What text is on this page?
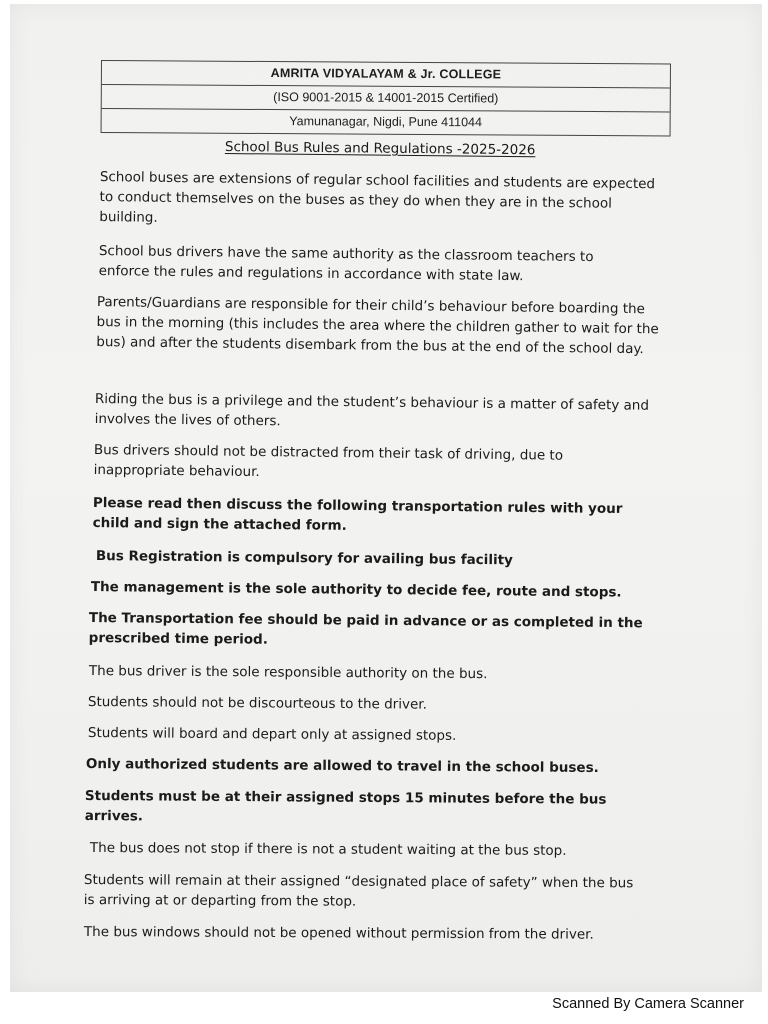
AMRITA VIDYALAYAM & Jr. COLLEGE
(ISO 9001-2015 & 14001-2015 Certified)
Yamunanagar, Nigdi, Pune 411044
School Bus Rules and Regulations -2025-2026
School buses are extensions of regular school facilities and students are expected to conduct themselves on the buses as they do when they are in the school building.
School bus drivers have the same authority as the classroom teachers to enforce the rules and regulations in accordance with state law.
Parents/Guardians are responsible for their child’s behaviour before boarding the bus in the morning (this includes the area where the children gather to wait for the bus) and after the students disembark from the bus at the end of the school day.
Riding the bus is a privilege and the student’s behaviour is a matter of safety and involves the lives of others.
Bus drivers should not be distracted from their task of driving, due to inappropriate behaviour.
Please read then discuss the following transportation rules with your child and sign the attached form.
Bus Registration is compulsory for availing bus facility
The management is the sole authority to decide fee, route and stops.
The Transportation fee should be paid in advance or as completed in the prescribed time period.
The bus driver is the sole responsible authority on the bus.
Students should not be discourteous to the driver.
Students will board and depart only at assigned stops.
Only authorized students are allowed to travel in the school buses.
Students must be at their assigned stops 15 minutes before the bus arrives.
The bus does not stop if there is not a student waiting at the bus stop.
Students will remain at their assigned “designated place of safety” when the bus is arriving at or departing from the stop.
The bus windows should not be opened without permission from the driver.
Scanned By Camera Scanner
